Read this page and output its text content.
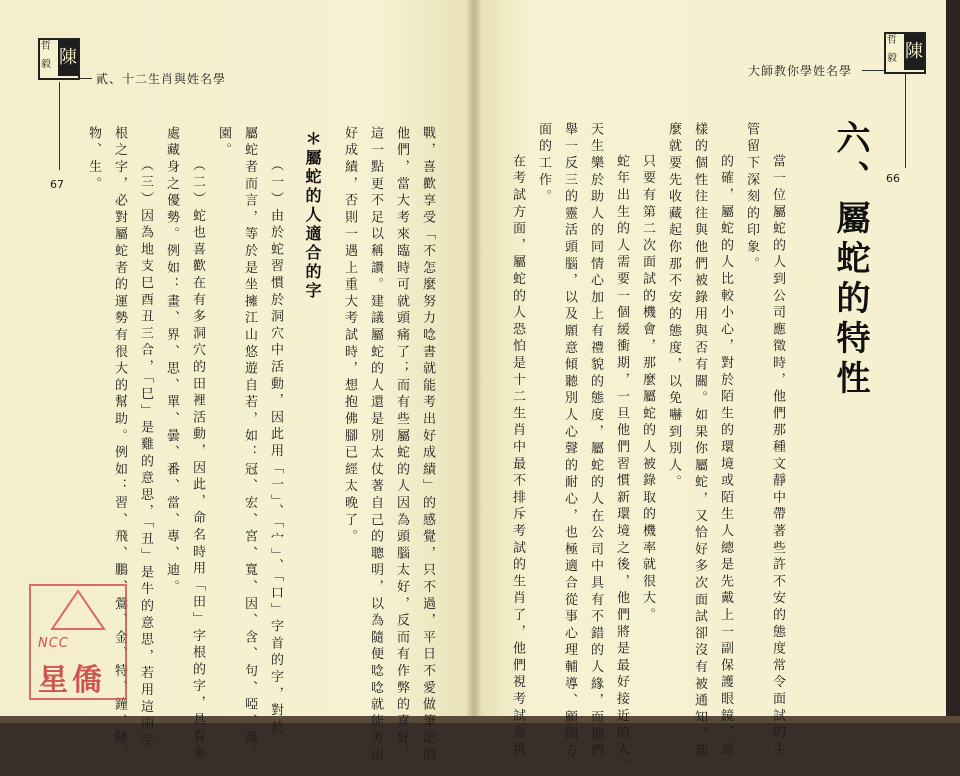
哲
毅 陳
貳、十二生肖與姓名學
67	戰，喜歡享受「不怎麼努力唸書就能考出好成績」的感覺，只不過，平日不愛做筆記的
他們，當大考來臨時可就頭痛了；而有些屬蛇的人因為頭腦太好，反而有作弊的喜好，
這一點更不足以稱讚。建議屬蛇的人還是別太仗著自己的聰明，以為隨便唸唸就能考出
好成績，否則一遇上重大考試時，想抱佛腳已經太晚了。
＊屬蛇的人適合的字
（一）由於蛇習慣於洞穴中活動，因此用「一」、「宀」、「口」字首的字，對於
屬蛇者而言，等於是坐擁江山悠遊自若，如：冠、宏、宮、寬、因、含、句、啞、喬、
園。
（二）蛇也喜歡在有多洞穴的田裡活動，因此，命名時用「田」字根的字，具有多
處藏身之優勢。例如：畫、界、思、單、曇、番、當、專、迪。
（三）因為地支巳酉丑三合，「巳」是雞的意思，「丑」是牛的意思，若用這兩字
根之字，必對屬蛇者的運勢有很大的幫助。例如：習、飛、鵬、鶯、金、特、鐘、隆、
物、生。
大師教你學姓名學
哲
毅 陳
66
六、屬蛇的特性
當一位屬蛇的人到公司應徵時，他們那種文靜中帶著些許不安的態度常令面試的主
管留下深刻的印象。
的確，屬蛇的人比較小心，對於陌生的環境或陌生人總是先戴上一副保護眼鏡，這
樣的個性往往與他們被錄用與否有關。如果你屬蛇，又恰好多次面試卻沒有被通知，那
麼就要先收藏起你那不安的態度，以免嚇到別人。
只要有第二次面試的機會，那麼屬蛇的人被錄取的機率就很大。
蛇年出生的人需要一個緩衝期，一旦他們習慣新環境之後，他們將是最好接近的人。
天生樂於助人的同情心加上有禮貌的態度，屬蛇的人在公司中具有不錯的人緣，而他們
舉一反三的靈活頭腦，以及願意傾聽別人心聲的耐心，也極適合從事心理輔導、顧問方
面的工作。
在考試方面，屬蛇的人恐怕是十二生肖中最不排斥考試的生肖了，他們視考試為挑
NCC
星僑
